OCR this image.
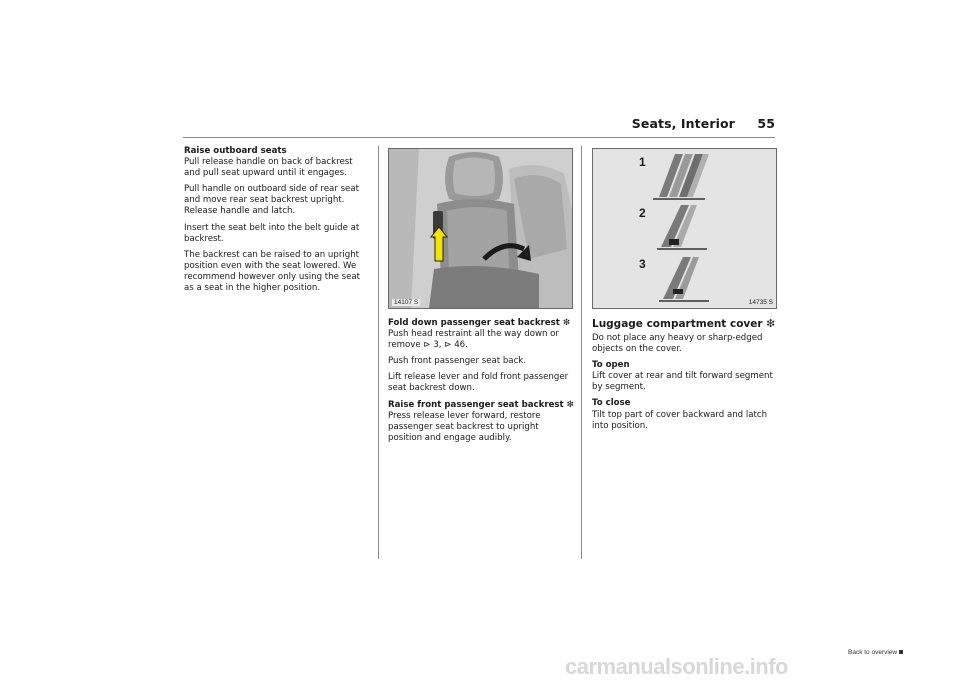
Seats, Interior 55

Raise outboard seats
Pull release handle on back of backrest and pull seat upward until it engages.

Pull handle on outboard side of rear seat and move rear seat backrest upright. Release handle and latch.

Insert the seat belt into the belt guide at backrest.

The backrest can be raised to an upright position even with the seat lowered. We recommend however only using the seat as a seat in the higher position.

14107 S

Fold down passenger seat backrest ❇
Push head restraint all the way down or remove ⊳ 3, ⊳ 46.

Push front passenger seat back.

Lift release lever and fold front passenger seat backrest down.

Raise front passenger seat backrest ❇
Press release lever forward, restore passenger seat backrest to upright position and engage audibly.

1
2
3
14735 S

Luggage compartment cover ❇

Do not place any heavy or sharp-edged objects on the cover.

To open
Lift cover at rear and tilt forward segment by segment.

To close
Tilt top part of cover backward and latch into position.

Back to overview
carmanualsonline.info
